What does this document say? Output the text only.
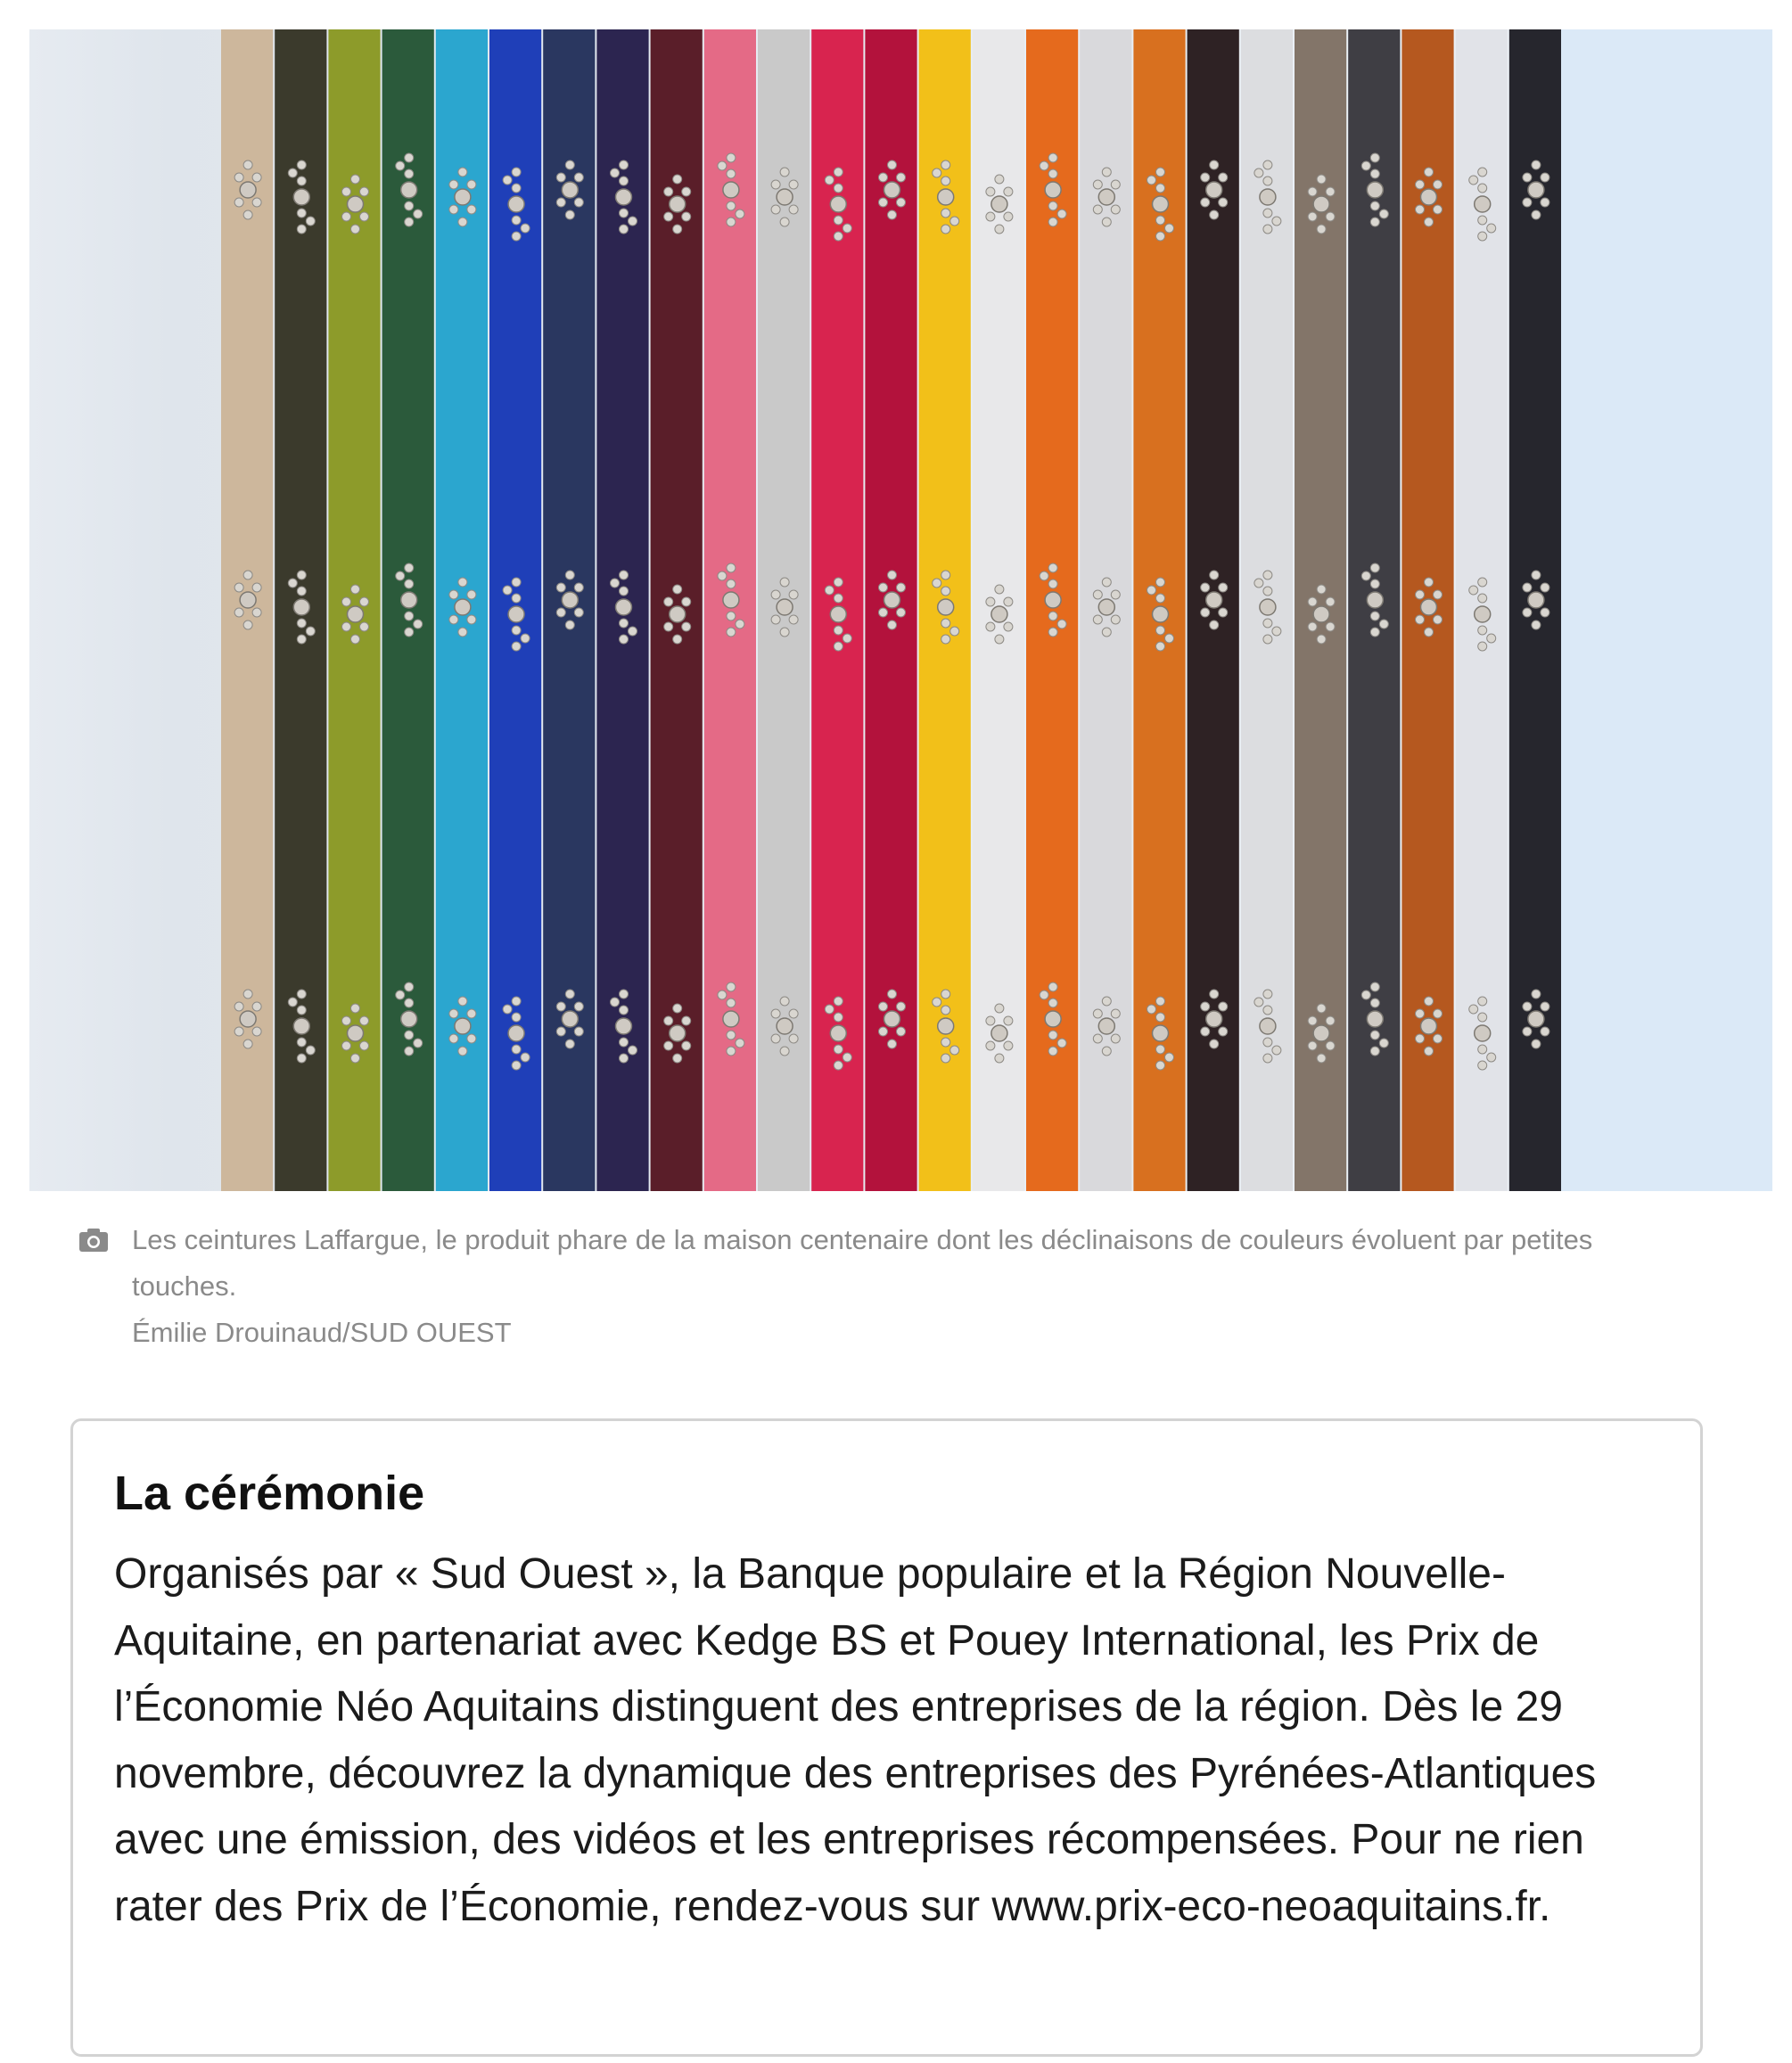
Les ceintures Laffargue, le produit phare de la maison centenaire dont les déclinaisons de couleurs évoluent par petites touches.
Émilie Drouinaud/SUD OUEST
La cérémonie

Organisés par « Sud Ouest », la Banque populaire et la Région Nouvelle-Aquitaine, en partenariat avec Kedge BS et Pouey International, les Prix de l’Économie Néo Aquitains distinguent des entreprises de la région. Dès le 29 novembre, découvrez la dynamique des entreprises des Pyrénées-Atlantiques avec une émission, des vidéos et les entreprises récompensées. Pour ne rien rater des Prix de l’Économie, rendez-vous sur www.prix-eco-neoaquitains.fr.
